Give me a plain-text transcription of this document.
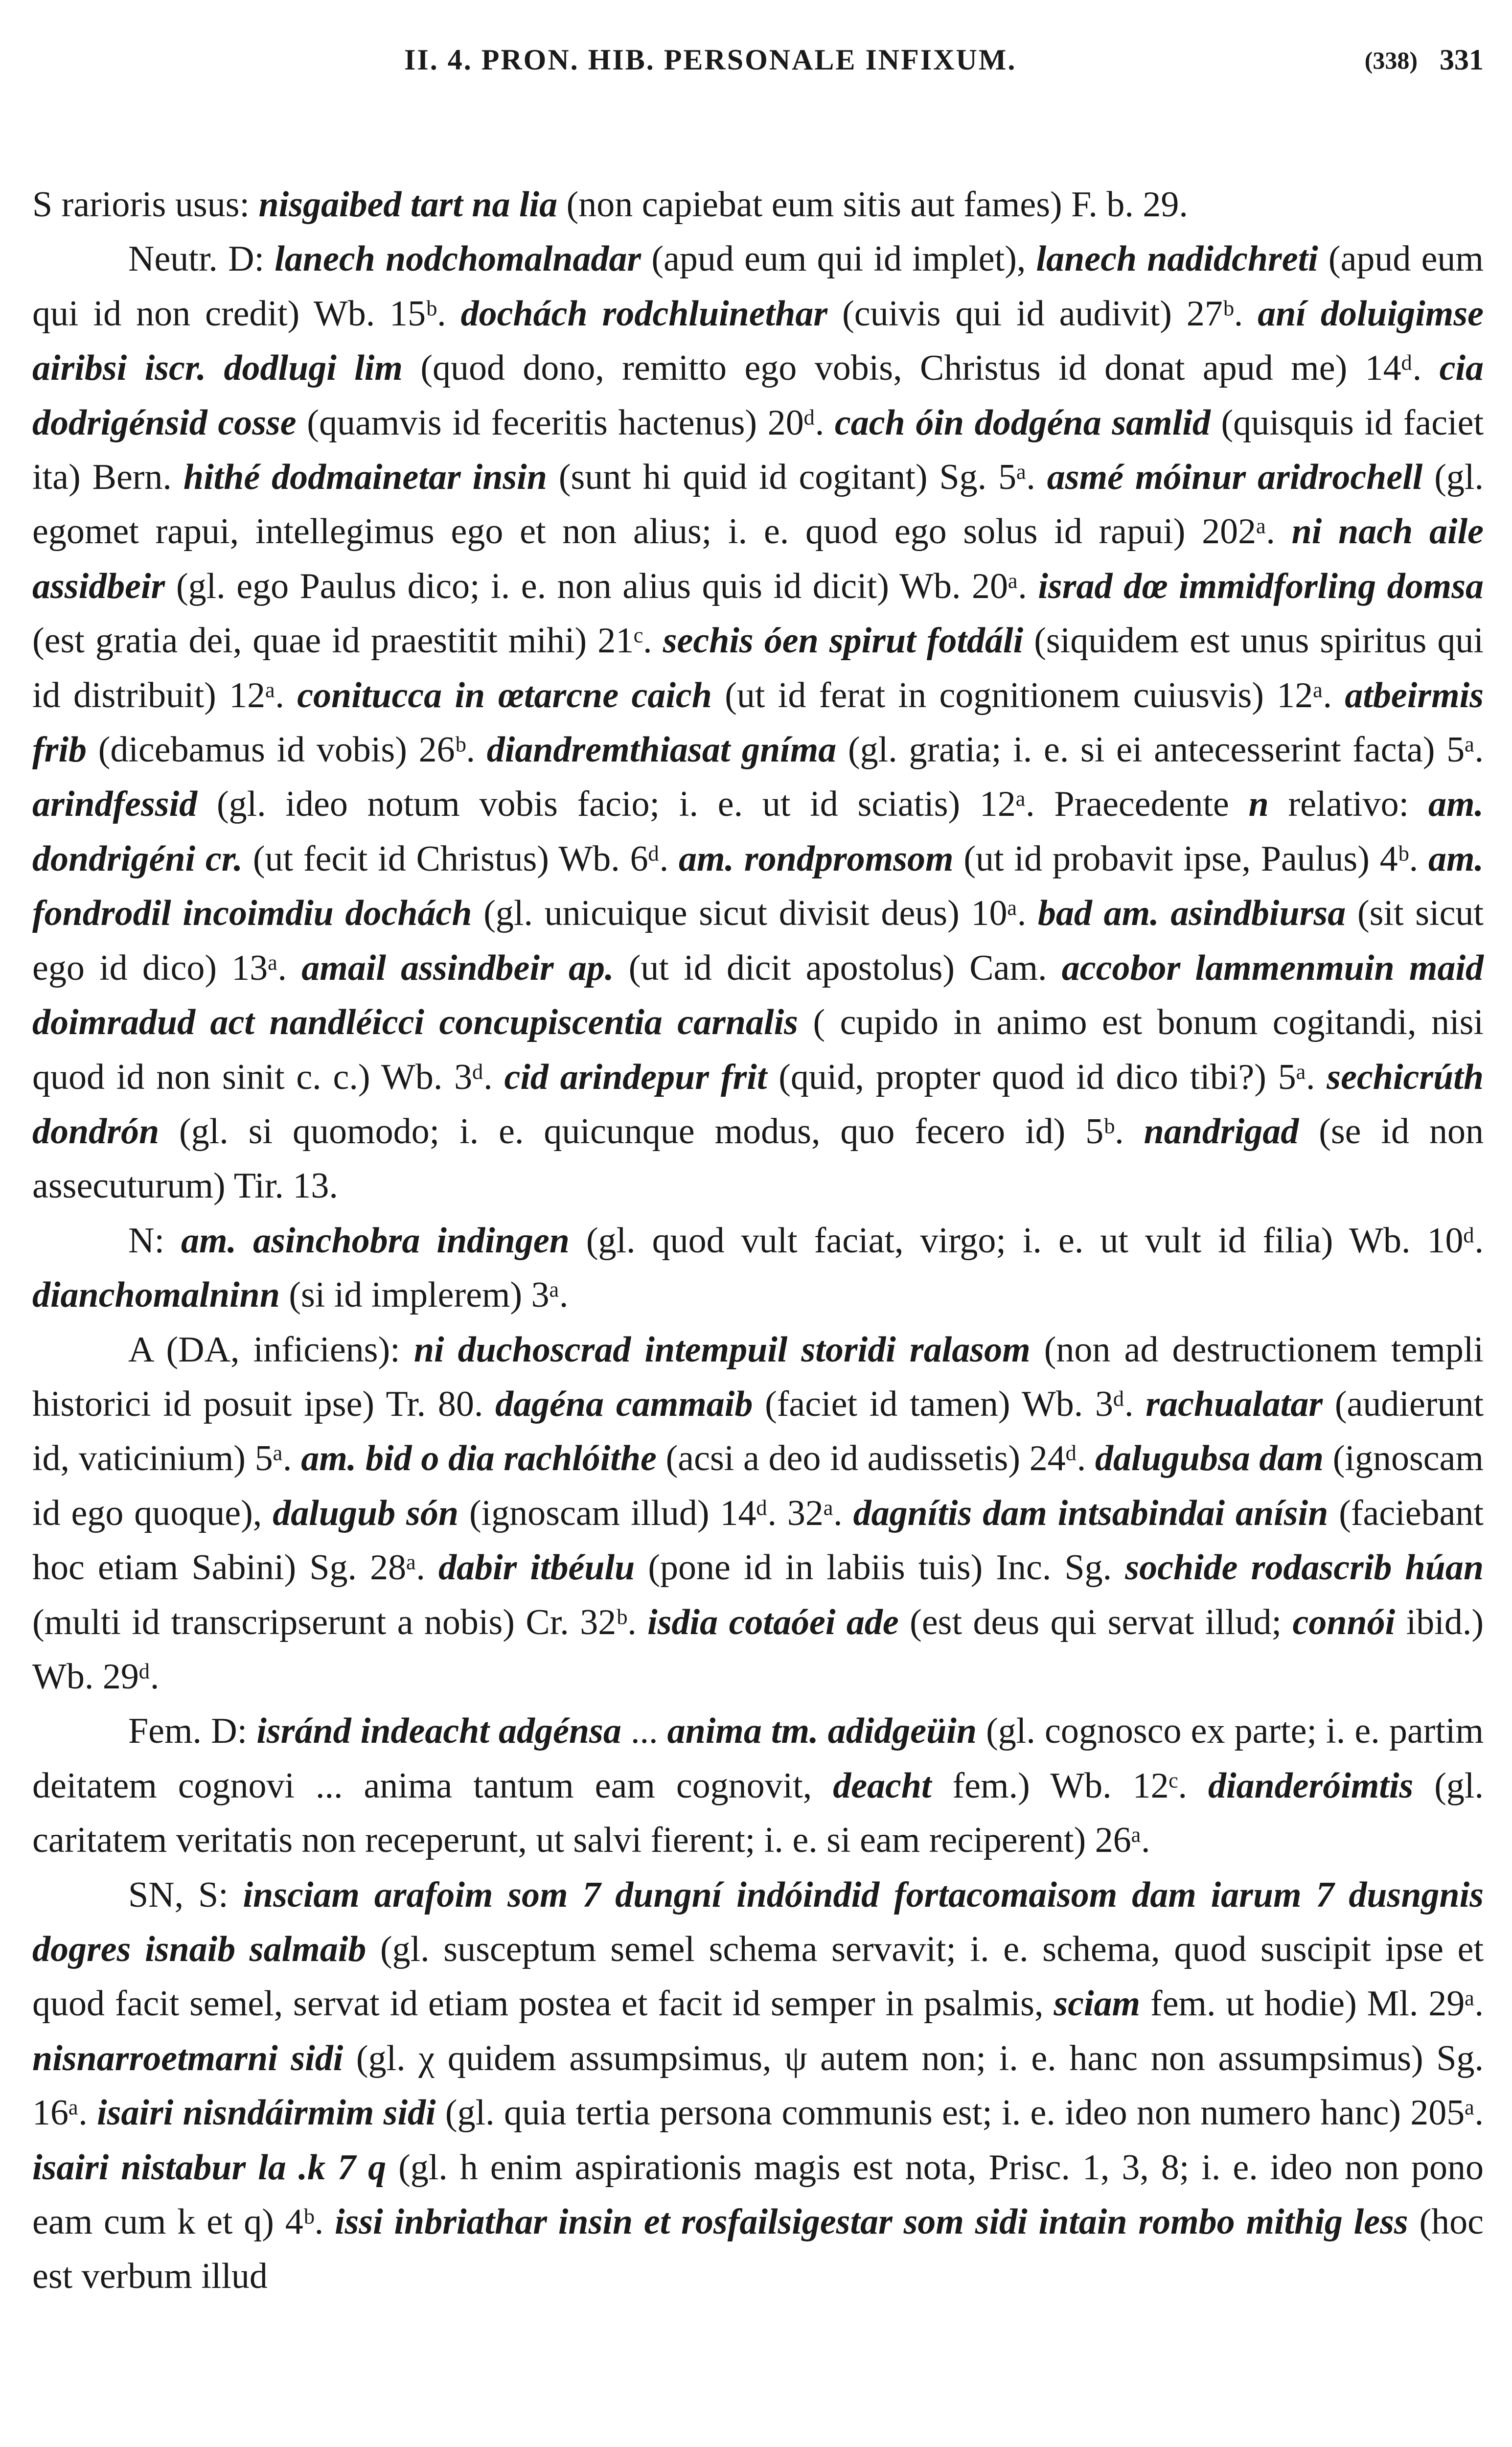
II. 4. PRON. HIB. PERSONALE INFIXUM.	(338) 331

S rarioris usus: nisgaibed tart na lia (non capiebat eum sitis aut fames) F. b. 29.

Neutr. D: lanech nodchomalnadar (apud eum qui id implet), lanech nadidchreti (apud eum qui id non credit) Wb. 15ᵇ. dochách rodchluinethar (cuivis qui id audivit) 27ᵇ. aní doluigimse airibsi iscr. dodlugi lim (quod dono, remitto ego vobis, Christus id donat apud me) 14ᵈ. cia dodrigénsid cosse (quamvis id feceritis hactenus) 20ᵈ. cach óin dodgéna samlid (quisquis id faciet ita) Bern. hithé dodmainetar insin (sunt hi quid id cogitant) Sg. 5ᵃ. asmé móinur aridrochell (gl. egomet rapui, intellegimus ego et non alius; i. e. quod ego solus id rapui) 202ᵃ. ni nach aile assidbeir (gl. ego Paulus dico; i. e. non alius quis id dicit) Wb. 20ᵃ. israd dœ immidforling domsa (est gratia dei, quae id praestitit mihi) 21ᶜ. sechis óen spirut fotdáli (siquidem est unus spiritus qui id distribuit) 12ᵃ. conitucca in œtarcne caich (ut id ferat in cognitionem cuiusvis) 12ᵃ. atbeirmis frib (dicebamus id vobis) 26ᵇ. diandremthiasat gníma (gl. gratia; i. e. si ei antecesserint facta) 5ᵃ. arindfessid (gl. ideo notum vobis facio; i. e. ut id sciatis) 12ᵃ. Praecedente n relativo: am. dondrigéni cr. (ut fecit id Christus) Wb. 6ᵈ. am. rondpromsom (ut id probavit ipse, Paulus) 4ᵇ. am. fondrodil incoimdiu dochách (gl. unicuique sicut divisit deus) 10ᵃ. bad am. asindbiursa (sit sicut ego id dico) 13ᵃ. amail assindbeir ap. (ut id dicit apostolus) Cam. accobor lammenmuin maid doimradud act nandléicci concupiscentia carnalis ( cupido in animo est bonum cogitandi, nisi quod id non sinit c. c.) Wb. 3ᵈ. cid arindepur frit (quid, propter quod id dico tibi?) 5ᵃ. sechicrúth dondrón (gl. si quomodo; i. e. quicunque modus, quo fecero id) 5ᵇ. nandrigad (se id non assecuturum) Tir. 13.

N: am. asinchobra indingen (gl. quod vult faciat, virgo; i. e. ut vult id filia) Wb. 10ᵈ. dianchomalninn (si id implerem) 3ᵃ.

A (DA, inficiens): ni duchoscrad intempuil storidi ralasom (non ad destructionem templi historici id posuit ipse) Tr. 80. dagéna cammaib (faciet id tamen) Wb. 3ᵈ. rachualatar (audierunt id, vaticinium) 5ᵃ. am. bid o dia rachlóithe (acsi a deo id audissetis) 24ᵈ. dalugubsa dam (ignoscam id ego quoque), dalugub són (ignoscam illud) 14ᵈ. 32ᵃ. dagnítis dam intsabindai anísin (faciebant hoc etiam Sabini) Sg. 28ᵃ. dabir itbéulu (pone id in labiis tuis) Inc. Sg. sochide rodascrib húan (multi id transcripserunt a nobis) Cr. 32ᵇ. isdia cotaóei ade (est deus qui servat illud; connói ibid.) Wb. 29ᵈ.

Fem. D: isránd indeacht adgénsa ... anima tm. adidgeüin (gl. cognosco ex parte; i. e. partim deitatem cognovi ... anima tantum eam cognovit, deacht fem.) Wb. 12ᶜ. dianderóimtis (gl. caritatem veritatis non receperunt, ut salvi fierent; i. e. si eam reciperent) 26ᵃ.

SN, S: insciam arafoim som 7 dungní indóindid fortacomaisom dam iarum 7 dusngnis dogres isnaib salmaib (gl. susceptum semel schema servavit; i. e. schema, quod suscipit ipse et quod facit semel, servat id etiam postea et facit id semper in psalmis, sciam fem. ut hodie) Ml. 29ᵃ. nisnarroetmarni sidi (gl. χ quidem assumpsimus, ψ autem non; i. e. hanc non assumpsimus) Sg. 16ᵃ. isairi nisndáirmim sidi (gl. quia tertia persona communis est; i. e. ideo non numero hanc) 205ᵃ. isairi nistabur la .k 7 q (gl. h enim aspirationis magis est nota, Prisc. 1, 3, 8; i. e. ideo non pono eam cum k et q) 4ᵇ. issi inbriathar insin et rosfailsigestar som sidi intain rombo mithig less (hoc est verbum illud
